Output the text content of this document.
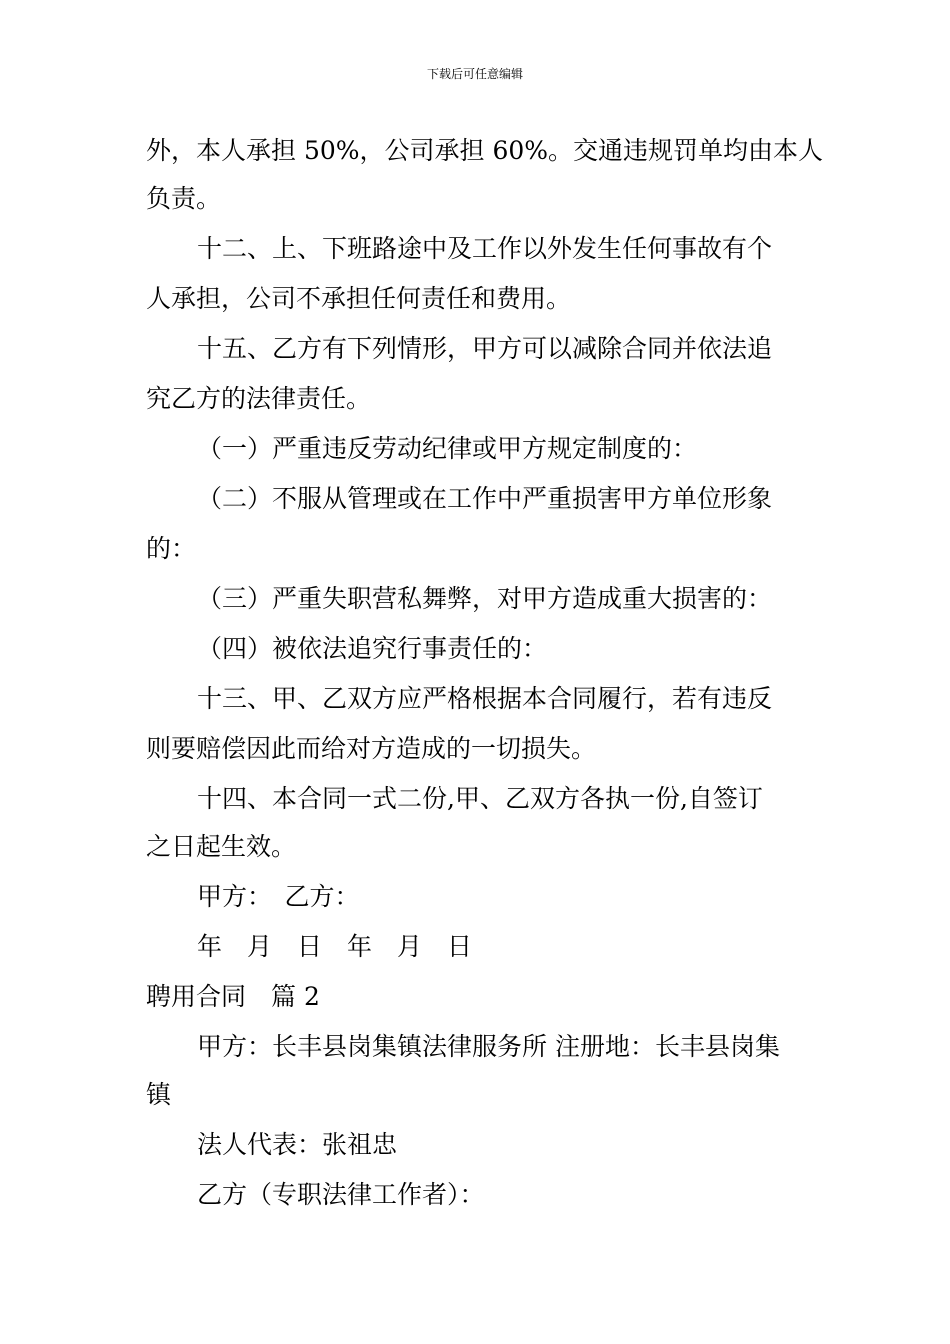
下载后可任意编辑
外，本人承担 50%，公司承担 60%。交通违规罚单均由本人
负责。
十二、上、下班路途中及工作以外发生任何事故有个
人承担，公司不承担任何责任和费用。
十五、乙方有下列情形，甲方可以减除合同并依法追
究乙方的法律责任。
（一）严重违反劳动纪律或甲方规定制度的：
（二）不服从管理或在工作中严重损害甲方单位形象
的：
（三）严重失职营私舞弊，对甲方造成重大损害的：
（四）被依法追究行事责任的：
十三、甲、乙双方应严格根据本合同履行，若有违反
则要赔偿因此而给对方造成的一切损失。
十四、本合同一式二份,甲、乙双方各执一份,自签订
之日起生效。
甲方：　乙方：
年　月　日　年　月　日
聘用合同　篇 2
甲方：长丰县岗集镇法律服务所 注册地：长丰县岗集
镇
法人代表：张祖忠
乙方（专职法律工作者）：
